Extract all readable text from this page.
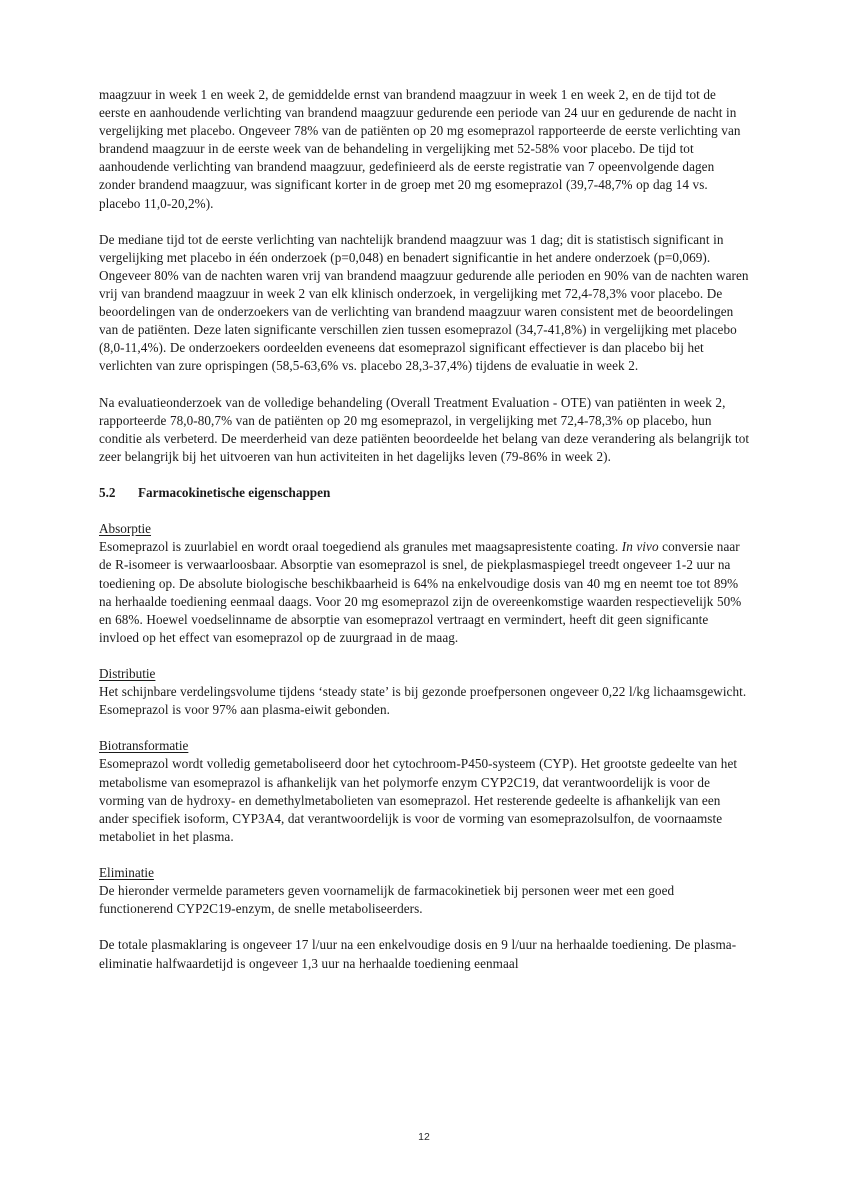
maagzuur in week 1 en week 2, de gemiddelde ernst van brandend maagzuur in week 1 en week 2, en de tijd tot de eerste en aanhoudende verlichting van brandend maagzuur gedurende een periode van 24 uur en gedurende de nacht in vergelijking met placebo. Ongeveer 78% van de patiënten op 20 mg esomeprazol rapporteerde de eerste verlichting van brandend maagzuur in de eerste week van de behandeling in vergelijking met 52-58% voor placebo. De tijd tot aanhoudende verlichting van brandend maagzuur, gedefinieerd als de eerste registratie van 7 opeenvolgende dagen zonder brandend maagzuur, was significant korter in de groep met 20 mg esomeprazol (39,7-48,7% op dag 14 vs. placebo 11,0-20,2%).

De mediane tijd tot de eerste verlichting van nachtelijk brandend maagzuur was 1 dag; dit is statistisch significant in vergelijking met placebo in één onderzoek (p=0,048) en benadert significantie in het andere onderzoek (p=0,069). Ongeveer 80% van de nachten waren vrij van brandend maagzuur gedurende alle perioden en 90% van de nachten waren vrij van brandend maagzuur in week 2 van elk klinisch onderzoek, in vergelijking met 72,4-78,3% voor placebo. De beoordelingen van de onderzoekers van de verlichting van brandend maagzuur waren consistent met de beoordelingen van de patiënten. Deze laten significante verschillen zien tussen esomeprazol (34,7-41,8%) in vergelijking met placebo (8,0-11,4%). De onderzoekers oordeelden eveneens dat esomeprazol significant effectiever is dan placebo bij het verlichten van zure oprispingen (58,5-63,6% vs. placebo 28,3-37,4%) tijdens de evaluatie in week 2.

Na evaluatieonderzoek van de volledige behandeling (Overall Treatment Evaluation - OTE) van patiënten in week 2, rapporteerde 78,0-80,7% van de patiënten op 20 mg esomeprazol, in vergelijking met 72,4-78,3% op placebo, hun conditie als verbeterd. De meerderheid van deze patiënten beoordeelde het belang van deze verandering als belangrijk tot zeer belangrijk bij het uitvoeren van hun activiteiten in het dagelijks leven (79-86% in week 2).

5.2	Farmacokinetische eigenschappen
Absorptie

Esomeprazol is zuurlabiel en wordt oraal toegediend als granules met maagsapresistente coating. In vivo conversie naar de R-isomeer is verwaarloosbaar. Absorptie van esomeprazol is snel, de piekplasmaspiegel treedt ongeveer 1-2 uur na toediening op. De absolute biologische beschikbaarheid is 64% na enkelvoudige dosis van 40 mg en neemt toe tot 89% na herhaalde toediening eenmaal daags. Voor 20 mg esomeprazol zijn de overeenkomstige waarden respectievelijk 50% en 68%. Hoewel voedselinname de absorptie van esomeprazol vertraagt en vermindert, heeft dit geen significante invloed op het effect van esomeprazol op de zuurgraad in de maag.

Distributie

Het schijnbare verdelingsvolume tijdens ‘steady state’ is bij gezonde proefpersonen ongeveer 0,22 l/kg lichaamsgewicht. Esomeprazol is voor 97% aan plasma-eiwit gebonden.

Biotransformatie

Esomeprazol wordt volledig gemetaboliseerd door het cytochroom-P450-systeem (CYP). Het grootste gedeelte van het metabolisme van esomeprazol is afhankelijk van het polymorfe enzym CYP2C19, dat verantwoordelijk is voor de vorming van de hydroxy- en demethylmetabolieten van esomeprazol. Het resterende gedeelte is afhankelijk van een ander specifiek isoform, CYP3A4, dat verantwoordelijk is voor de vorming van esomeprazolsulfon, de voornaamste metaboliet in het plasma.

Eliminatie

De hieronder vermelde parameters geven voornamelijk de farmacokinetiek bij personen weer met een goed functionerend CYP2C19-enzym, de snelle metaboliseerders.

De totale plasmaklaring is ongeveer 17 l/uur na een enkelvoudige dosis en 9 l/uur na herhaalde toediening. De plasma-eliminatie halfwaardetijd is ongeveer 1,3 uur na herhaalde toediening eenmaal

12
